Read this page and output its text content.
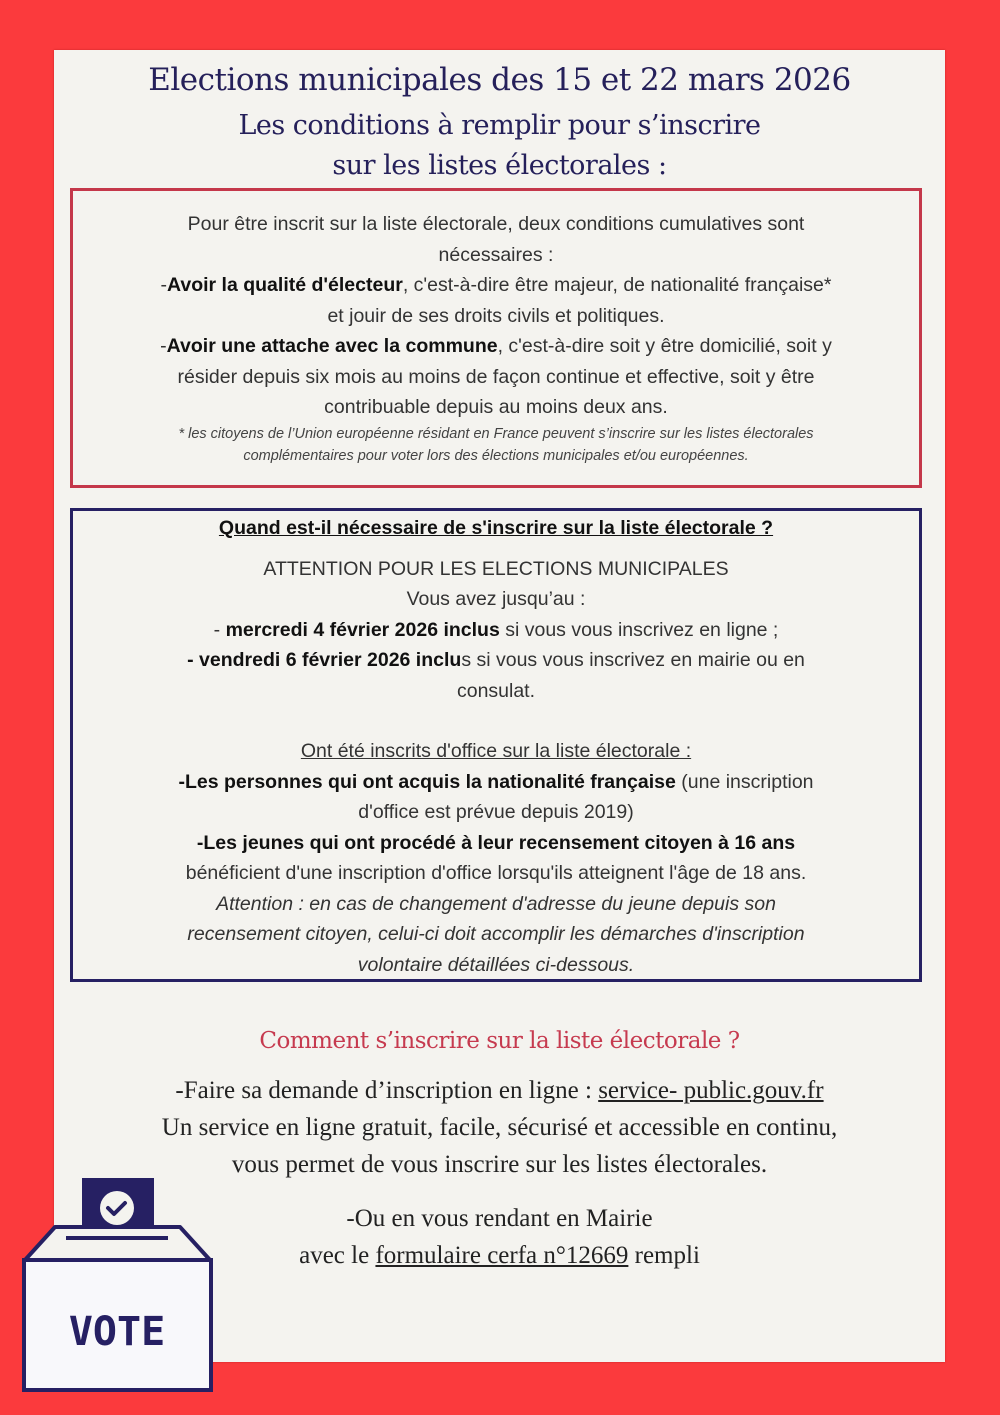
Elections municipales des 15 et 22 mars 2026
Les conditions à remplir pour s’inscrire
sur les listes électorales :
Pour être inscrit sur la liste électorale, deux conditions cumulatives sont
nécessaires :
-Avoir la qualité d'électeur, c'est-à-dire être majeur, de nationalité française*
et jouir de ses droits civils et politiques.
-Avoir une attache avec la commune, c'est-à-dire soit y être domicilié, soit y
résider depuis six mois au moins de façon continue et effective, soit y être
contribuable depuis au moins deux ans.
* les citoyens de l’Union européenne résidant en France peuvent s’inscrire sur les listes électorales
complémentaires pour voter lors des élections municipales et/ou européennes.
Quand est-il nécessaire de s'inscrire sur la liste électorale ?
ATTENTION POUR LES ELECTIONS MUNICIPALES
Vous avez jusqu’au :
- mercredi 4 février 2026 inclus si vous vous inscrivez en ligne ;
- vendredi 6 février 2026 inclus si vous vous inscrivez en mairie ou en
consulat.
Ont été inscrits d'office sur la liste électorale :
-Les personnes qui ont acquis la nationalité française (une inscription
d'office est prévue depuis 2019)
-Les jeunes qui ont procédé à leur recensement citoyen à 16 ans
bénéficient d'une inscription d'office lorsqu'ils atteignent l'âge de 18 ans.
Attention : en cas de changement d'adresse du jeune depuis son
recensement citoyen, celui-ci doit accomplir les démarches d'inscription
volontaire détaillées ci-dessous.
Comment s’inscrire sur la liste électorale ?
-Faire sa demande d’inscription en ligne : service- public.gouv.fr
Un service en ligne gratuit, facile, sécurisé et accessible en continu,
vous permet de vous inscrire sur les listes électorales.
-Ou en vous rendant en Mairie
avec le formulaire cerfa n°12669 rempli
VOTE
